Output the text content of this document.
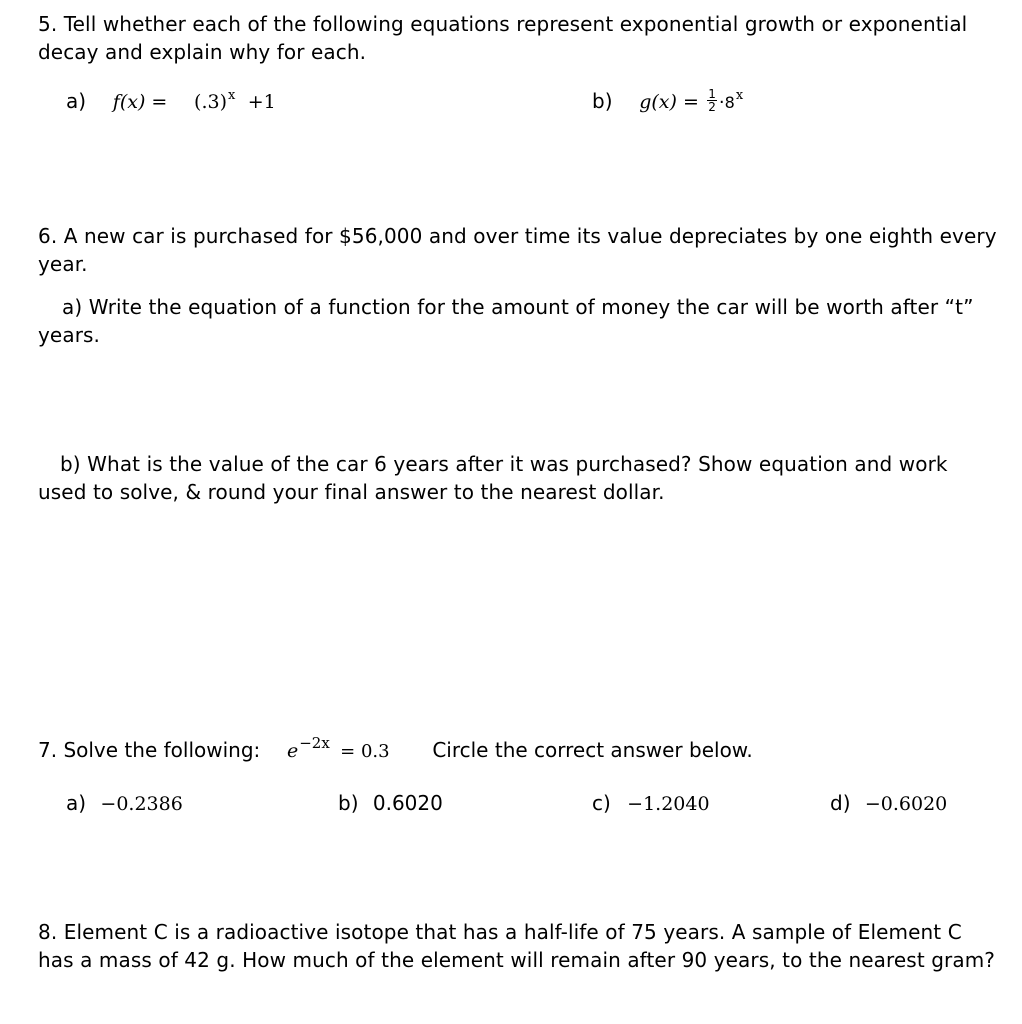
5. Tell whether each of the following equations represent exponential growth or exponential decay and explain why for each.
a) $f(x) = (.3)^x +1$	b) $g(x) = \frac{1}{2} \cdot 8^x$
6. A new car is purchased for $56,000 and over time its value depreciates by one eighth every year.
a) Write the equation of a function for the amount of money the car will be worth after “t” years.
b) What is the value of the car 6 years after it was purchased? Show equation and work used to solve, & round your final answer to the nearest dollar.
7. Solve the following: $e^{-2x} = 0.3$ Circle the correct answer below.
a) −0.2386	b) 0.6020	c) −1.2040	d) −0.6020
8. Element C is a radioactive isotope that has a half-life of 75 years. A sample of Element C has a mass of 42 g. How much of the element will remain after 90 years, to the nearest gram?
